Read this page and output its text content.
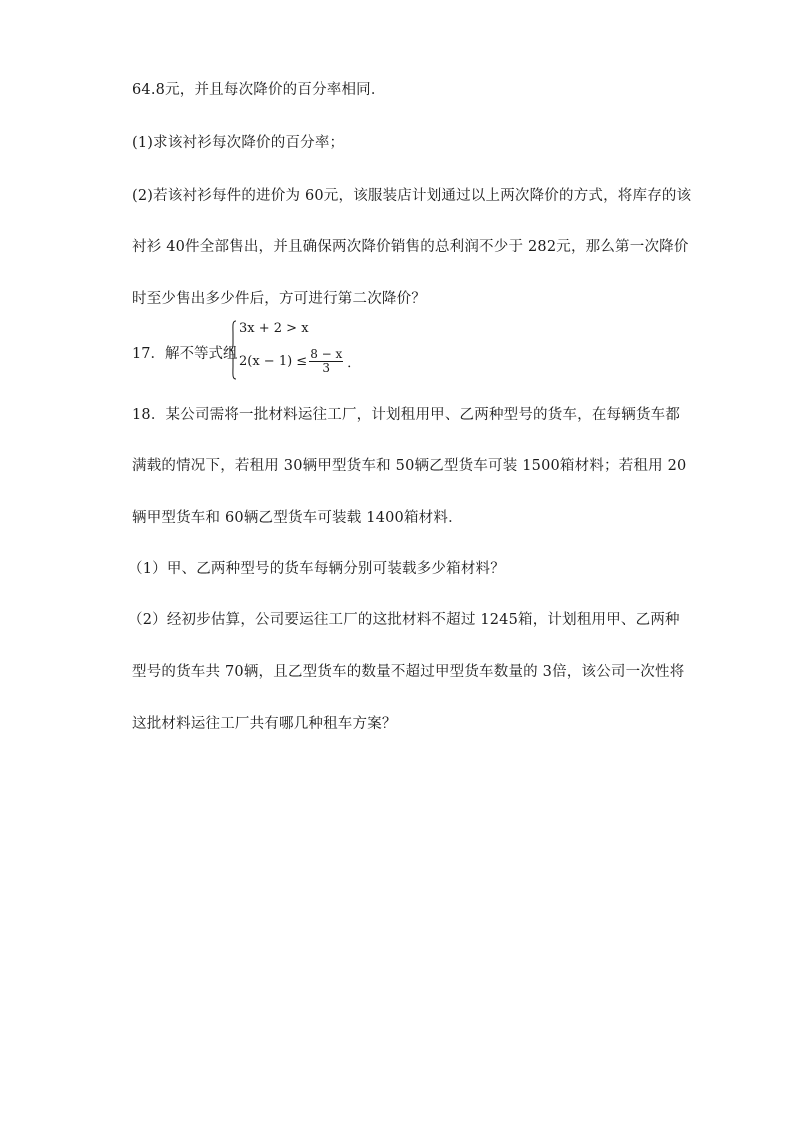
64.8元，并且每次降价的百分率相同．
(1)求该衬衫每次降价的百分率；
(2)若该衬衫每件的进价为 60元，该服装店计划通过以上两次降价的方式，将库存的该
衬衫 40件全部售出，并且确保两次降价销售的总利润不少于 282元，那么第一次降价
时至少售出多少件后，方可进行第二次降价？
17．解不等式组
3x + 2 > x
$2(x - 1) \le \frac{8 - x}{3}$ ．
18．某公司需将一批材料运往工厂，计划租用甲、乙两种型号的货车，在每辆货车都
满载的情况下，若租用 30辆甲型货车和 50辆乙型货车可装 1500箱材料；若租用 20
辆甲型货车和 60辆乙型货车可装载 1400箱材料．
（1）甲、乙两种型号的货车每辆分别可装载多少箱材料？
（2）经初步估算，公司要运往工厂的这批材料不超过 1245箱，计划租用甲、乙两种
型号的货车共 70辆，且乙型货车的数量不超过甲型货车数量的 3倍，该公司一次性将
这批材料运往工厂共有哪几种租车方案？
